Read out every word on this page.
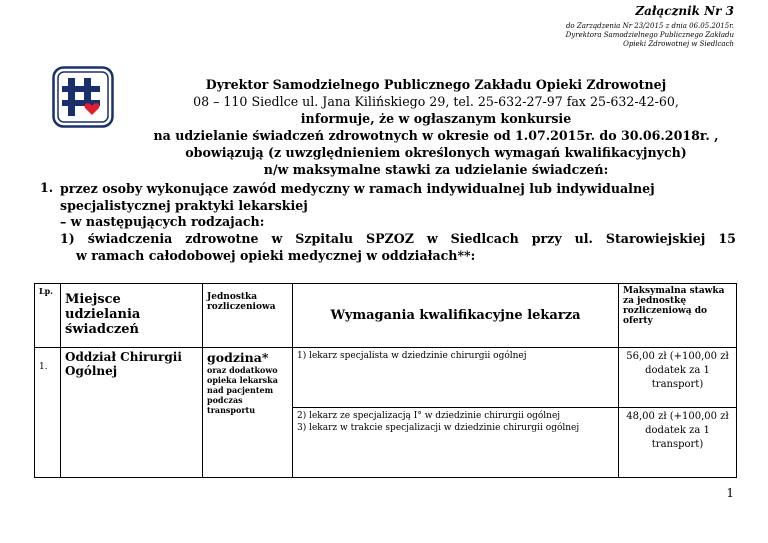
Załącznik Nr 3
do Zarządzenia Nr 23/2015 z dnia 06.05.2015r.
Dyrektora Samodzielnego Publicznego Zakładu
Opieki Zdrowotnej w Siedlcach
Dyrektor Samodzielnego Publicznego Zakładu Opieki Zdrowotnej
08 – 110 Siedlce ul. Jana Kilińskiego 29, tel. 25-632-27-97 fax 25-632-42-60,
informuje, że w ogłaszanym konkursie
na udzielanie świadczeń zdrowotnych w okresie od 1.07.2015r. do 30.06.2018r. ,
obowiązują (z uwzględnieniem określonych wymagań kwalifikacyjnych)
n/w maksymalne stawki za udzielanie świadczeń:
1. przez osoby wykonujące zawód medyczny w ramach indywidualnej lub indywidualnej specjalistycznej praktyki lekarskiej
– w następujących rodzajach:
1) świadczenia zdrowotne w Szpitalu SPZOZ w Siedlcach przy ul. Starowiejskiej 15
w ramach całodobowej opieki medycznej w oddziałach**:
Lp.	Miejsce udzielania świadczeń	Jednostka rozliczeniowa	Wymagania kwalifikacyjne lekarza	Maksymalna stawka za jednostkę rozliczeniową do oferty
1.	Oddział Chirurgii Ogólnej	godzina*
oraz dodatkowo opieka lekarska nad pacjentem podczas transportu	1) lekarz specjalista w dziedzinie chirurgii ogólnej	56,00 zł (+100,00 zł dodatek za 1 transport)

			2) lekarz ze specjalizacją I° w dziedzinie chirurgii ogólnej
3) lekarz w trakcie specjalizacji w dziedzinie chirurgii ogólnej	48,00 zł (+100,00 zł dodatek za 1 transport)
1
